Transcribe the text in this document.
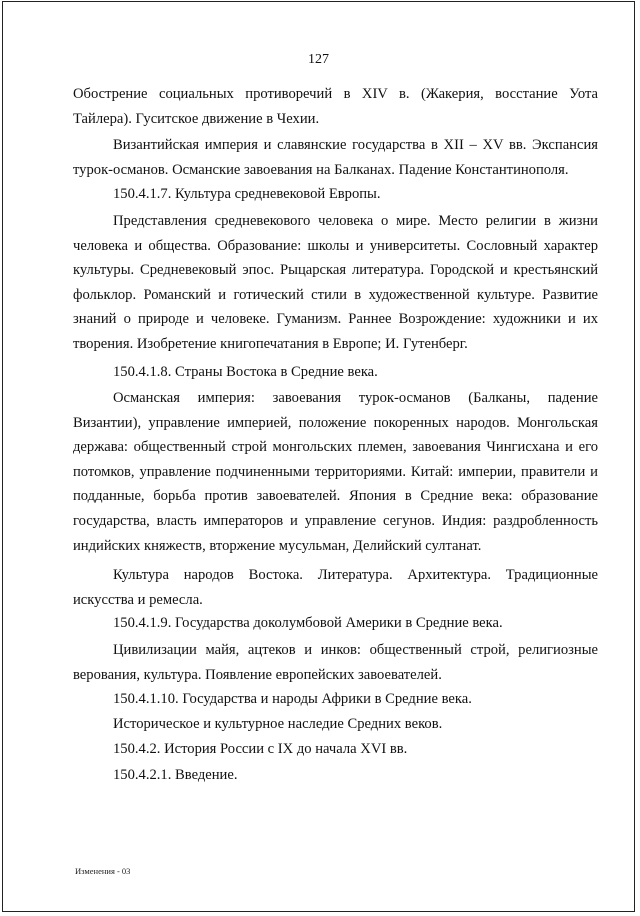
127

Обострение социальных противоречий в XIV в. (Жакерия, восстание Уота Тайлера). Гуситское движение в Чехии.

Византийская империя и славянские государства в XII – XV вв. Экспансия турок-османов. Османские завоевания на Балканах. Падение Константинополя.

150.4.1.7. Культура средневековой Европы.

Представления средневекового человека о мире. Место религии в жизни человека и общества. Образование: школы и университеты. Сословный характер культуры. Средневековый эпос. Рыцарская литература. Городской и крестьянский фольклор. Романский и готический стили в художественной культуре. Развитие знаний о природе и человеке. Гуманизм. Раннее Возрождение: художники и их творения. Изобретение книгопечатания в Европе; И. Гутенберг.

150.4.1.8. Страны Востока в Средние века.

Османская империя: завоевания турок-османов (Балканы, падение Византии), управление империей, положение покоренных народов. Монгольская держава: общественный строй монгольских племен, завоевания Чингисхана и его потомков, управление подчиненными территориями. Китай: империи, правители и подданные, борьба против завоевателей. Япония в Средние века: образование государства, власть императоров и управление сегунов. Индия: раздробленность индийских княжеств, вторжение мусульман, Делийский султанат.

Культура народов Востока. Литература. Архитектура. Традиционные искусства и ремесла.

150.4.1.9. Государства доколумбовой Америки в Средние века.

Цивилизации майя, ацтеков и инков: общественный строй, религиозные верования, культура. Появление европейских завоевателей.

150.4.1.10. Государства и народы Африки в Средние века.

Историческое и культурное наследие Средних веков.

150.4.2. История России с IX до начала XVI вв.

150.4.2.1. Введение.

Изменения - 03
